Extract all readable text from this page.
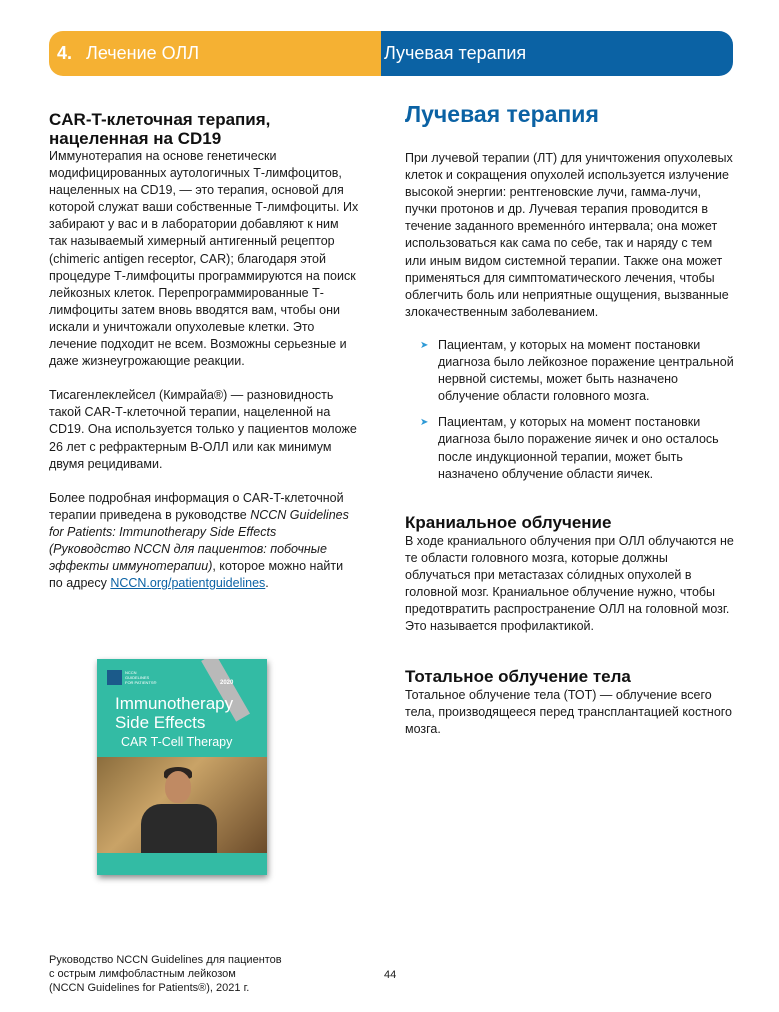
4. Лечение ОЛЛ	Лучевая терапия
CAR-T-клеточная терапия, нацеленная на CD19

Иммунотерапия на основе генетически модифицированных аутологичных Т-лимфоцитов, нацеленных на CD19, — это терапия, основой для которой служат ваши собственные Т-лимфоциты. Их забирают у вас и в лаборатории добавляют к ним так называемый химерный антигенный рецептор (chimeric antigen receptor, CAR); благодаря этой процедуре Т-лимфоциты программируются на поиск лейкозных клеток. Перепрограммированные Т-лимфоциты затем вновь вводятся вам, чтобы они искали и уничтожали опухолевые клетки. Это лечение подходит не всем. Возможны серьезные и даже жизнеугрожающие реакции.

Тисагенлеклейсел (Кимрайа®) — разновидность такой CAR-Т-клеточной терапии, нацеленной на CD19. Она используется только у пациентов моложе 26 лет с рефрактерным В-ОЛЛ или как минимум двумя рецидивами.

Более подробная информация о CAR-T-клеточной терапии приведена в руководстве NCCN Guidelines for Patients: Immunotherapy Side Effects (Руководство NCCN для пациентов: побочные эффекты иммунотерапии), которое можно найти по адресу NCCN.org/patientguidelines.

NCCN
GUIDELINES
FOR PATIENTS®	2020
Immunotherapy
Side Effects
CAR T-Cell Therapy
Лучевая терапия

При лучевой терапии (ЛТ) для уничтожения опухолевых клеток и сокращения опухолей используется излучение высокой энергии: рентгеновские лучи, гамма-лучи, пучки протонов и др. Лучевая терапия проводится в течение заданного временно́го интервала; она может использоваться как сама по себе, так и наряду с тем или иным видом системной терапии. Также она может применяться для симптоматического лечения, чтобы облегчить боль или неприятные ощущения, вызванные злокачественным заболеванием.

➤ Пациентам, у которых на момент постановки диагноза было лейкозное поражение центральной нервной системы, может быть назначено облучение области головного мозга.
➤ Пациентам, у которых на момент постановки диагноза было поражение яичек и оно осталось после индукционной терапии, может быть назначено облучение области яичек.
Краниальное облучение

В ходе краниального облучения при ОЛЛ облучаются не те области головного мозга, которые должны облучаться при метастазах со́лидных опухолей в головной мозг. Краниальное облучение нужно, чтобы предотвратить распространение ОЛЛ на головной мозг. Это называется профилактикой.

Тотальное облучение тела

Тотальное облучение тела (ТОТ) — облучение всего тела, производящееся перед трансплантацией костного мозга.

Руководство NCCN Guidelines для пациентов
с острым лимфобластным лейкозом
(NCCN Guidelines for Patients®), 2021 г.
44
